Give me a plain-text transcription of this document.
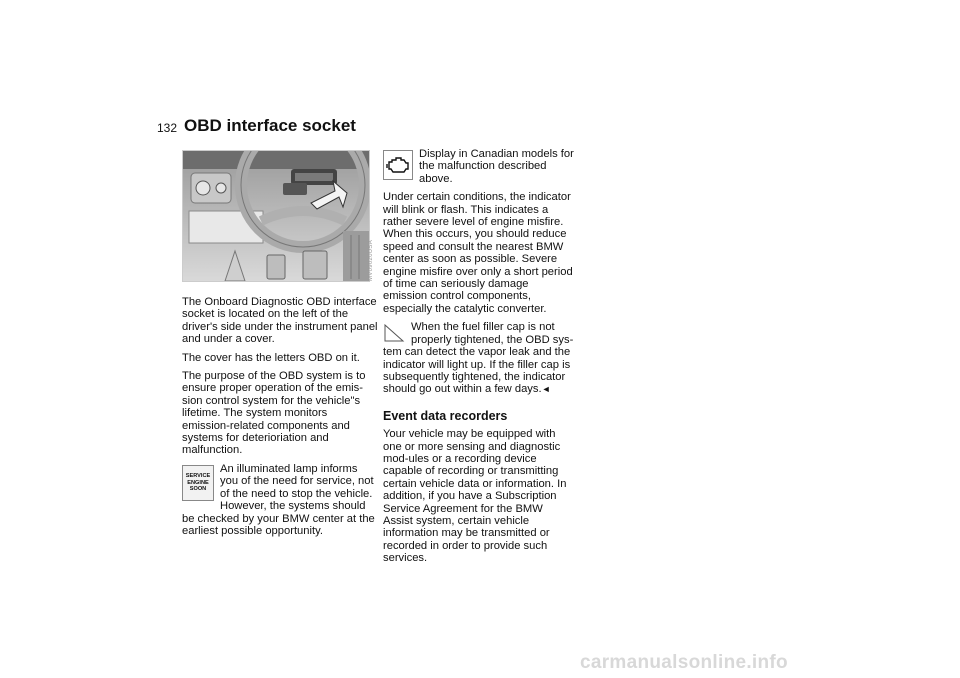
132 OBD interface socket
MV09020USA

The Onboard Diagnostic OBD interface socket is located on the left of the driver's side under the instrument panel and under a cover.

The cover has the letters OBD on it.

The purpose of the OBD system is to ensure proper operation of the emis-sion control system for the vehicle"s lifetime. The system monitors emission-related components and systems for deterioriation and malfunction.

SERVICE
ENGINE
SOON

An illuminated lamp informs you of the need for service, not of the need to stop the vehicle. However, the systems should be checked by your BMW center at the earliest possible opportunity.

Display in Canadian models for the malfunction described above.

Under certain conditions, the indicator will blink or flash. This indicates a rather severe level of engine misfire. When this occurs, you should reduce speed and consult the nearest BMW center as soon as possible. Severe engine misfire over only a short period of time can seriously damage emission control components, especially the catalytic converter.

When the fuel filler cap is not properly tightened, the OBD sys-tem can detect the vapor leak and the indicator will light up. If the filler cap is subsequently tightened, the indicator should go out within a few days.◄

Event data recorders

Your vehicle may be equipped with one or more sensing and diagnostic mod-ules or a recording device capable of recording or transmitting certain vehicle data or information. In addition, if you have a Subscription Service Agreement for the BMW Assist system, certain vehicle information may be transmitted or recorded in order to provide such services.

carmanualsonline.info
